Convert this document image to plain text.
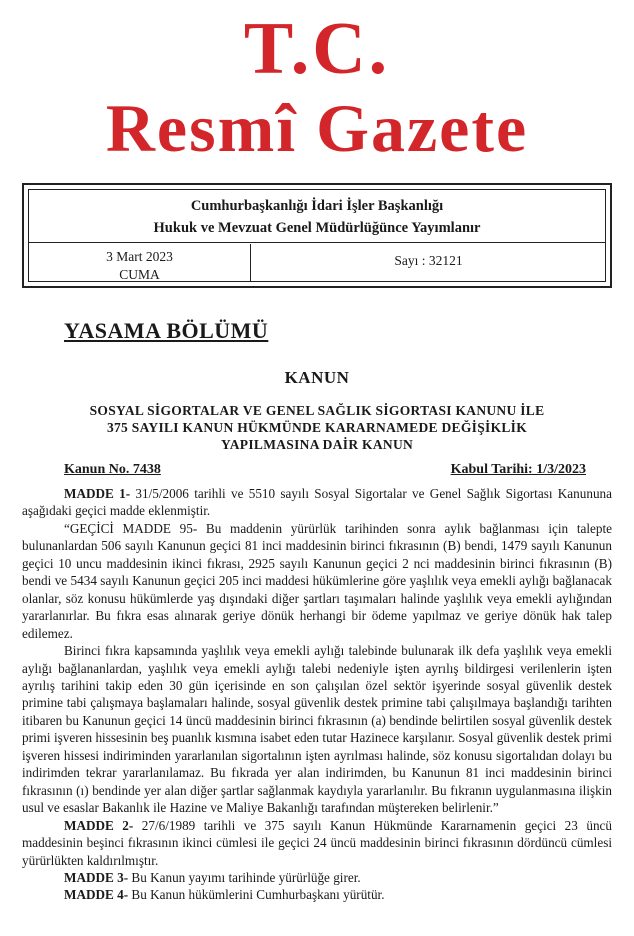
T.C.
Resmî Gazete
Cumhurbaşkanlığı İdari İşler Başkanlığı
Hukuk ve Mevzuat Genel Müdürlüğünce Yayımlanır
3 Mart 2023
CUMA
Sayı : 32121
YASAMA BÖLÜMÜ
KANUN
SOSYAL SİGORTALAR VE GENEL SAĞLIK SİGORTASI KANUNU İLE
375 SAYILI KANUN HÜKMÜNDE KARARNAMEDE DEĞİŞİKLİK
YAPILMASINA DAİR KANUN
Kanun No. 7438	Kabul Tarihi: 1/3/2023

MADDE 1- 31/5/2006 tarihli ve 5510 sayılı Sosyal Sigortalar ve Genel Sağlık Sigortası Kanununa aşağıdaki geçici madde eklenmiştir.

“GEÇİCİ MADDE 95- Bu maddenin yürürlük tarihinden sonra aylık bağlanması için talepte bulunanlardan 506 sayılı Kanunun geçici 81 inci maddesinin birinci fıkrasının (B) bendi, 1479 sayılı Kanunun geçici 10 uncu maddesinin ikinci fıkrası, 2925 sayılı Kanunun geçici 2 nci maddesinin birinci fıkrasının (B) bendi ve 5434 sayılı Kanunun geçici 205 inci maddesi hükümlerine göre yaşlılık veya emekli aylığı bağlanacak olanlar, söz konusu hükümlerde yaş dışındaki diğer şartları taşımaları halinde yaşlılık veya emekli aylığından yararlanırlar. Bu fıkra esas alınarak geriye dönük herhangi bir ödeme yapılmaz ve geriye dönük hak talep edilemez.

Birinci fıkra kapsamında yaşlılık veya emekli aylığı talebinde bulunarak ilk defa yaşlılık veya emekli aylığı bağlananlardan, yaşlılık veya emekli aylığı talebi nedeniyle işten ayrılış bildirgesi verilenlerin işten ayrılış tarihini takip eden 30 gün içerisinde en son çalışılan özel sektör işyerinde sosyal güvenlik destek primine tabi çalışmaya başlamaları halinde, sosyal güvenlik destek primine tabi çalışılmaya başlandığı tarihten itibaren bu Kanunun geçici 14 üncü maddesinin birinci fıkrasının (a) bendinde belirtilen sosyal güvenlik destek primi işveren hissesinin beş puanlık kısmına isabet eden tutar Hazinece karşılanır. Sosyal güvenlik destek primi işveren hissesi indiriminden yararlanılan sigortalının işten ayrılması halinde, söz konusu sigortalıdan dolayı bu indirimden tekrar yararlanılamaz. Bu fıkrada yer alan indirimden, bu Kanunun 81 inci maddesinin birinci fıkrasının (ı) bendinde yer alan diğer şartlar sağlanmak kaydıyla yararlanılır. Bu fıkranın uygulanmasına ilişkin usul ve esaslar Bakanlık ile Hazine ve Maliye Bakanlığı tarafından müştereken belirlenir.”

MADDE 2- 27/6/1989 tarihli ve 375 sayılı Kanun Hükmünde Kararnamenin geçici 23 üncü maddesinin beşinci fıkrasının ikinci cümlesi ile geçici 24 üncü maddesinin birinci fıkrasının dördüncü cümlesi yürürlükten kaldırılmıştır.

MADDE 3- Bu Kanun yayımı tarihinde yürürlüğe girer.

MADDE 4- Bu Kanun hükümlerini Cumhurbaşkanı yürütür.
